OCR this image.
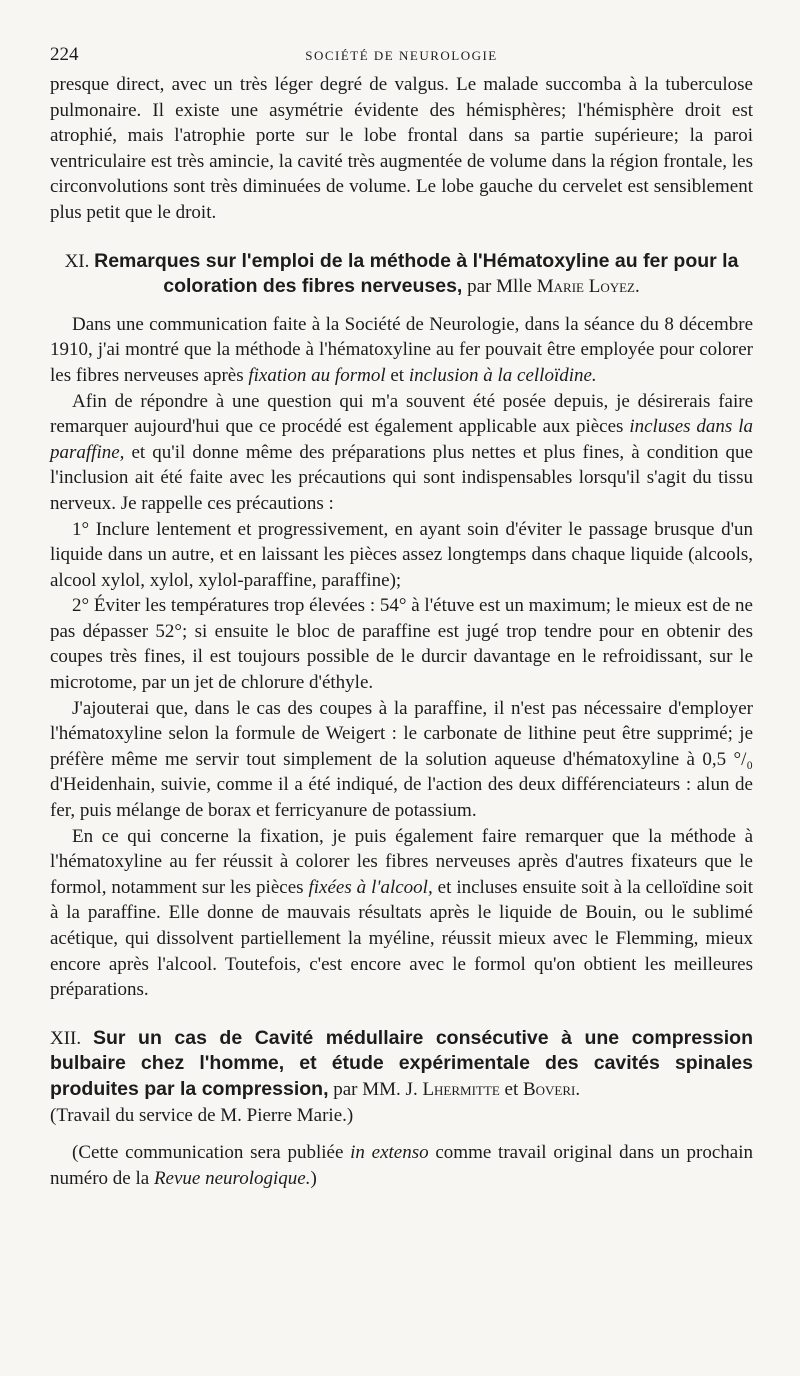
224	SOCIÉTÉ DE NEUROLOGIE

presque direct, avec un très léger degré de valgus. Le malade succomba à la tuberculose pulmonaire. Il existe une asymétrie évidente des hémisphères; l'hémisphère droit est atrophié, mais l'atrophie porte sur le lobe frontal dans sa partie supérieure; la paroi ventriculaire est très amincie, la cavité très augmentée de volume dans la région frontale, les circonvolutions sont très diminuées de volume. Le lobe gauche du cervelet est sensiblement plus petit que le droit.

XI. Remarques sur l'emploi de la méthode à l'Hématoxyline au fer pour la coloration des fibres nerveuses, par Mlle Marie Loyez.

Dans une communication faite à la Société de Neurologie, dans la séance du 8 décembre 1910, j'ai montré que la méthode à l'hématoxyline au fer pouvait être employée pour colorer les fibres nerveuses après fixation au formol et inclusion à la celloïdine.

Afin de répondre à une question qui m'a souvent été posée depuis, je désirerais faire remarquer aujourd'hui que ce procédé est également applicable aux pièces incluses dans la paraffine, et qu'il donne même des préparations plus nettes et plus fines, à condition que l'inclusion ait été faite avec les précautions qui sont indispensables lorsqu'il s'agit du tissu nerveux. Je rappelle ces précautions :

1° Inclure lentement et progressivement, en ayant soin d'éviter le passage brusque d'un liquide dans un autre, et en laissant les pièces assez longtemps dans chaque liquide (alcools, alcool xylol, xylol, xylol-paraffine, paraffine);

2° Éviter les températures trop élevées : 54° à l'étuve est un maximum; le mieux est de ne pas dépasser 52°; si ensuite le bloc de paraffine est jugé trop tendre pour en obtenir des coupes très fines, il est toujours possible de le durcir davantage en le refroidissant, sur le microtome, par un jet de chlorure d'éthyle.

J'ajouterai que, dans le cas des coupes à la paraffine, il n'est pas nécessaire d'employer l'hématoxyline selon la formule de Weigert : le carbonate de lithine peut être supprimé; je préfère même me servir tout simplement de la solution aqueuse d'hématoxyline à 0,5 °/₀ d'Heidenhain, suivie, comme il a été indiqué, de l'action des deux différenciateurs : alun de fer, puis mélange de borax et ferricyanure de potassium.

En ce qui concerne la fixation, je puis également faire remarquer que la méthode à l'hématoxyline au fer réussit à colorer les fibres nerveuses après d'autres fixateurs que le formol, notamment sur les pièces fixées à l'alcool, et incluses ensuite soit à la celloïdine soit à la paraffine. Elle donne de mauvais résultats après le liquide de Bouin, ou le sublimé acétique, qui dissolvent partiellement la myéline, réussit mieux avec le Flemming, mieux encore après l'alcool. Toutefois, c'est encore avec le formol qu'on obtient les meilleures préparations.

XII. Sur un cas de Cavité médullaire consécutive à une compression bulbaire chez l'homme, et étude expérimentale des cavités spinales produites par la compression, par MM. J. Lhermitte et Boveri.

(Travail du service de M. Pierre Marie.)

(Cette communication sera publiée in extenso comme travail original dans un prochain numéro de la Revue neurologique.)
